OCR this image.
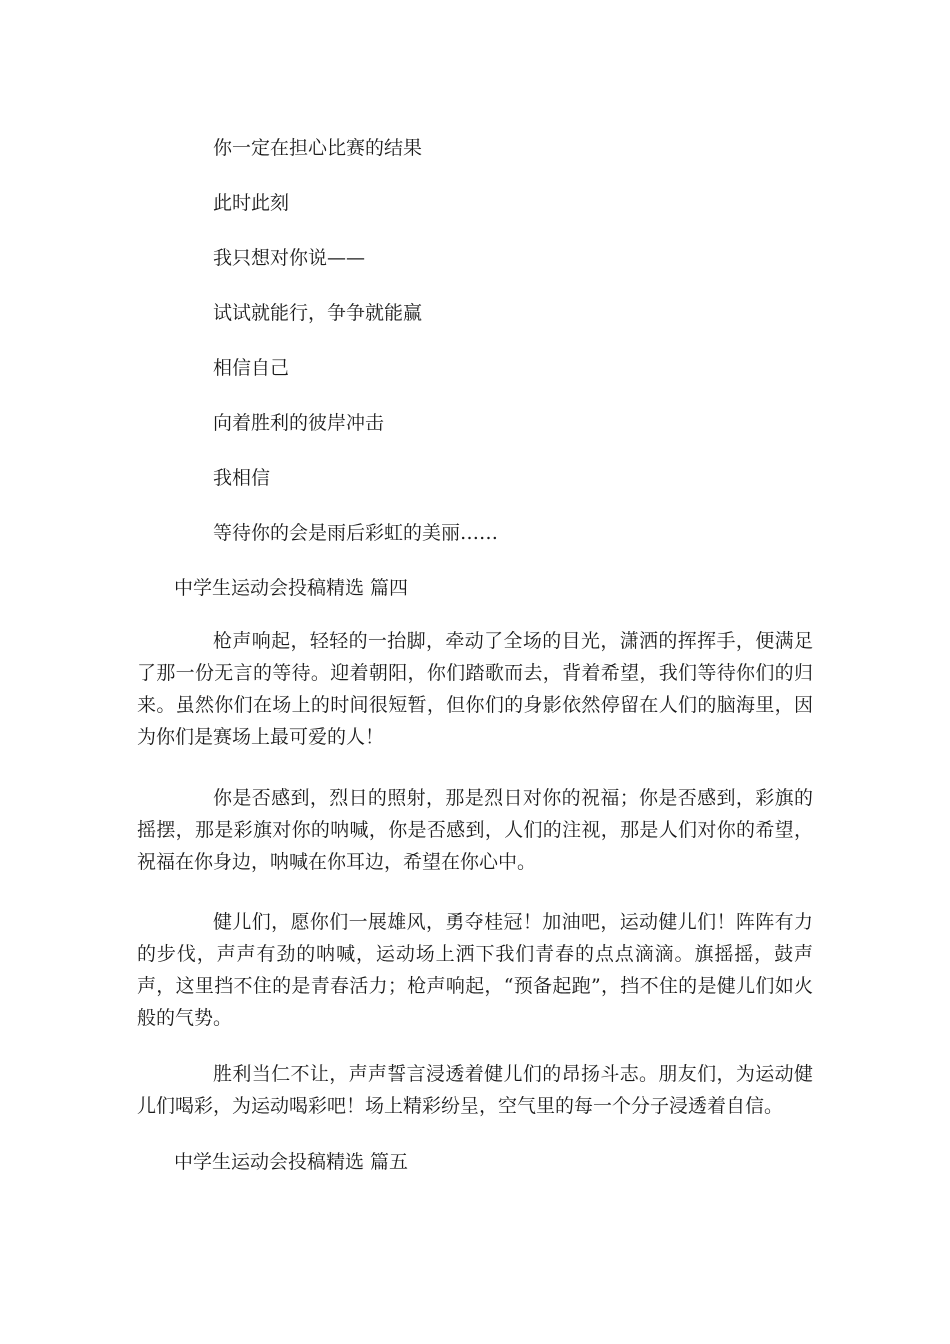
你一定在担心比赛的结果
此时此刻
我只想对你说——
试试就能行，争争就能赢
相信自己
向着胜利的彼岸冲击
我相信
等待你的会是雨后彩虹的美丽……
中学生运动会投稿精选 篇四

枪声响起，轻轻的一抬脚，牵动了全场的目光，潇洒的挥挥手，便满足了那一份无言的等待。迎着朝阳，你们踏歌而去，背着希望，我们等待你们的归来。虽然你们在场上的时间很短暂，但你们的身影依然停留在人们的脑海里，因为你们是赛场上最可爱的人！

你是否感到，烈日的照射，那是烈日对你的祝福；你是否感到，彩旗的摇摆，那是彩旗对你的呐喊，你是否感到，人们的注视，那是人们对你的希望，祝福在你身边，呐喊在你耳边，希望在你心中。

健儿们，愿你们一展雄风，勇夺桂冠！加油吧，运动健儿们！阵阵有力的步伐，声声有劲的呐喊，运动场上洒下我们青春的点点滴滴。旗摇摇，鼓声声，这里挡不住的是青春活力；枪声响起，“预备起跑”，挡不住的是健儿们如火般的气势。

胜利当仁不让，声声誓言浸透着健儿们的昂扬斗志。朋友们，为运动健儿们喝彩，为运动喝彩吧！场上精彩纷呈，空气里的每一个分子浸透着自信。

中学生运动会投稿精选 篇五
